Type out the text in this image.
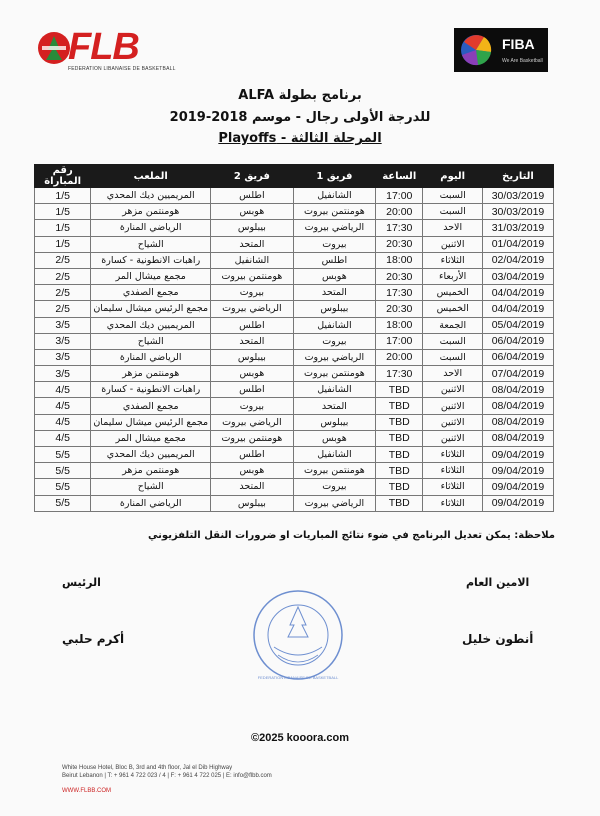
FLB
FEDERATION LIBANAISE DE BASKETBALL
FIBA
We Are Basketball
برنامج بطولة ALFA
للدرجة الأولى رجال - موسم 2018-2019
المرحلة الثالثة - Playoffs
التاريخ	اليوم	الساعة	فريق 1	فريق 2	الملعب	رقم المباراة
30/03/2019	السبت	17:00	الشانفيل	اطلس	المريميين ديك المحدي	1/5
30/03/2019	السبت	20:00	هومنتمن بيروت	هوبس	هومنتمن مزهر	1/5
31/03/2019	الاحد	17:30	الرياضي بيروت	بيبلوس	الرياضي المنارة	1/5
01/04/2019	الاثنين	20:30	بيروت	المتحد	الشياح	1/5
02/04/2019	الثلاثاء	18:00	اطلس	الشانفيل	راهبات الانطونية - كسارة	2/5
03/04/2019	الأربعاء	20:30	هوبس	هومنتمن بيروت	مجمع ميشال المر	2/5
04/04/2019	الخميس	17:30	المتحد	بيروت	مجمع الصفدي	2/5
04/04/2019	الخميس	20:30	بيبلوس	الرياضي بيروت	مجمع الرئيس ميشال سليمان	2/5
05/04/2019	الجمعة	18:00	الشانفيل	اطلس	المريميين ديك المحدي	3/5
06/04/2019	السبت	17:00	بيروت	المتحد	الشياح	3/5
06/04/2019	السبت	20:00	الرياضي بيروت	بيبلوس	الرياضي المنارة	3/5
07/04/2019	الاحد	17:30	هومنتمن بيروت	هوبس	هومنتمن مزهر	3/5
08/04/2019	الاثنين	TBD	الشانفيل	اطلس	راهبات الانطونية - كسارة	4/5
08/04/2019	الاثنين	TBD	المتحد	بيروت	مجمع الصفدي	4/5
08/04/2019	الاثنين	TBD	بيبلوس	الرياضي بيروت	مجمع الرئيس ميشال سليمان	4/5
08/04/2019	الاثنين	TBD	هوبس	هومنتمن بيروت	مجمع ميشال المر	4/5
09/04/2019	الثلاثاء	TBD	الشانفيل	اطلس	المريميين ديك المحدي	5/5
09/04/2019	الثلاثاء	TBD	هومنتمن بيروت	هوبس	هومنتمن مزهر	5/5
09/04/2019	الثلاثاء	TBD	بيروت	المتحد	الشياح	5/5
09/04/2019	الثلاثاء	TBD	الرياضي بيروت	بيبلوس	الرياضي المنارة	5/5
ملاحظة: يمكن تعديل البرنامج في ضوء نتائج المباريات او ضرورات النقل التلفزيوني
الامين العام
الرئيس
أنطون خليل
أكرم حلبي
FEDERATION LIBANAISE DE BASKETBALL
©2025 kooora.com
White House Hotel, Bloc B, 3rd and 4th floor, Jal el Dib Highway
Beirut Lebanon | T: + 961 4 722 023 / 4 | F: + 961 4 722 025 | E: info@flbb.com
WWW.FLBB.COM
